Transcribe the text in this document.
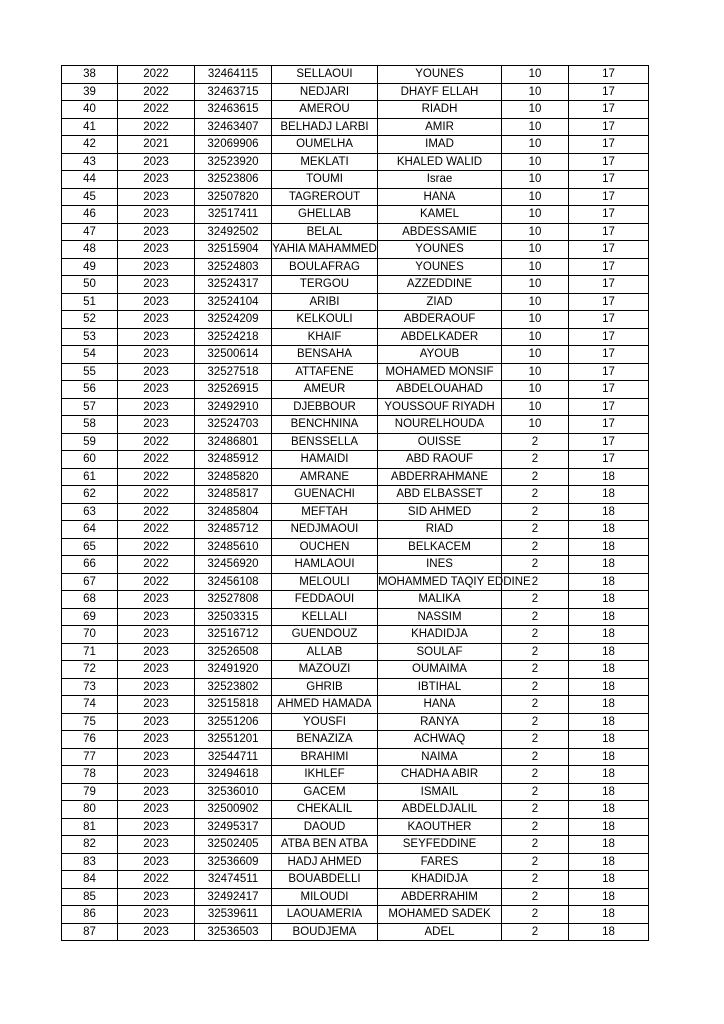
38	2022	32464115	SELLAOUI	YOUNES	10	17
39	2022	32463715	NEDJARI	DHAYF ELLAH	10	17
40	2022	32463615	AMEROU	RIADH	10	17
41	2022	32463407	BELHADJ LARBI	AMIR	10	17
42	2021	32069906	OUMELHA	IMAD	10	17
43	2023	32523920	MEKLATI	KHALED WALID	10	17
44	2023	32523806	TOUMI	Israe	10	17
45	2023	32507820	TAGREROUT	HANA	10	17
46	2023	32517411	GHELLAB	KAMEL	10	17
47	2023	32492502	BELAL	ABDESSAMIE	10	17
48	2023	32515904	YAHIA MAHAMMED	YOUNES	10	17
49	2023	32524803	BOULAFRAG	YOUNES	10	17
50	2023	32524317	TERGOU	AZZEDDINE	10	17
51	2023	32524104	ARIBI	ZIAD	10	17
52	2023	32524209	KELKOULI	ABDERAOUF	10	17
53	2023	32524218	KHAIF	ABDELKADER	10	17
54	2023	32500614	BENSAHA	AYOUB	10	17
55	2023	32527518	ATTAFENE	MOHAMED MONSIF	10	17
56	2023	32526915	AMEUR	ABDELOUAHAD	10	17
57	2023	32492910	DJEBBOUR	YOUSSOUF RIYADH	10	17
58	2023	32524703	BENCHNINA	NOURELHOUDA	10	17
59	2022	32486801	BENSSELLA	OUISSE	2	17
60	2022	32485912	HAMAIDI	ABD RAOUF	2	17
61	2022	32485820	AMRANE	ABDERRAHMANE	2	18
62	2022	32485817	GUENACHI	ABD ELBASSET	2	18
63	2022	32485804	MEFTAH	SID AHMED	2	18
64	2022	32485712	NEDJMAOUI	RIAD	2	18
65	2022	32485610	OUCHEN	BELKACEM	2	18
66	2022	32456920	HAMLAOUI	INES	2	18
67	2022	32456108	MELOULI	MOHAMMED TAQIY EDDINE	2	18
68	2023	32527808	FEDDAOUI	MALIKA	2	18
69	2023	32503315	KELLALI	NASSIM	2	18
70	2023	32516712	GUENDOUZ	KHADIDJA	2	18
71	2023	32526508	ALLAB	SOULAF	2	18
72	2023	32491920	MAZOUZI	OUMAIMA	2	18
73	2023	32523802	GHRIB	IBTIHAL	2	18
74	2023	32515818	AHMED HAMADA	HANA	2	18
75	2023	32551206	YOUSFI	RANYA	2	18
76	2023	32551201	BENAZIZA	ACHWAQ	2	18
77	2023	32544711	BRAHIMI	NAIMA	2	18
78	2023	32494618	IKHLEF	CHADHA ABIR	2	18
79	2023	32536010	GACEM	ISMAIL	2	18
80	2023	32500902	CHEKALIL	ABDELDJALIL	2	18
81	2023	32495317	DAOUD	KAOUTHER	2	18
82	2023	32502405	ATBA BEN ATBA	SEYFEDDINE	2	18
83	2023	32536609	HADJ AHMED	FARES	2	18
84	2022	32474511	BOUABDELLI	KHADIDJA	2	18
85	2023	32492417	MILOUDI	ABDERRAHIM	2	18
86	2023	32539611	LAOUAMERIA	MOHAMED SADEK	2	18
87	2023	32536503	BOUDJEMA	ADEL	2	18
